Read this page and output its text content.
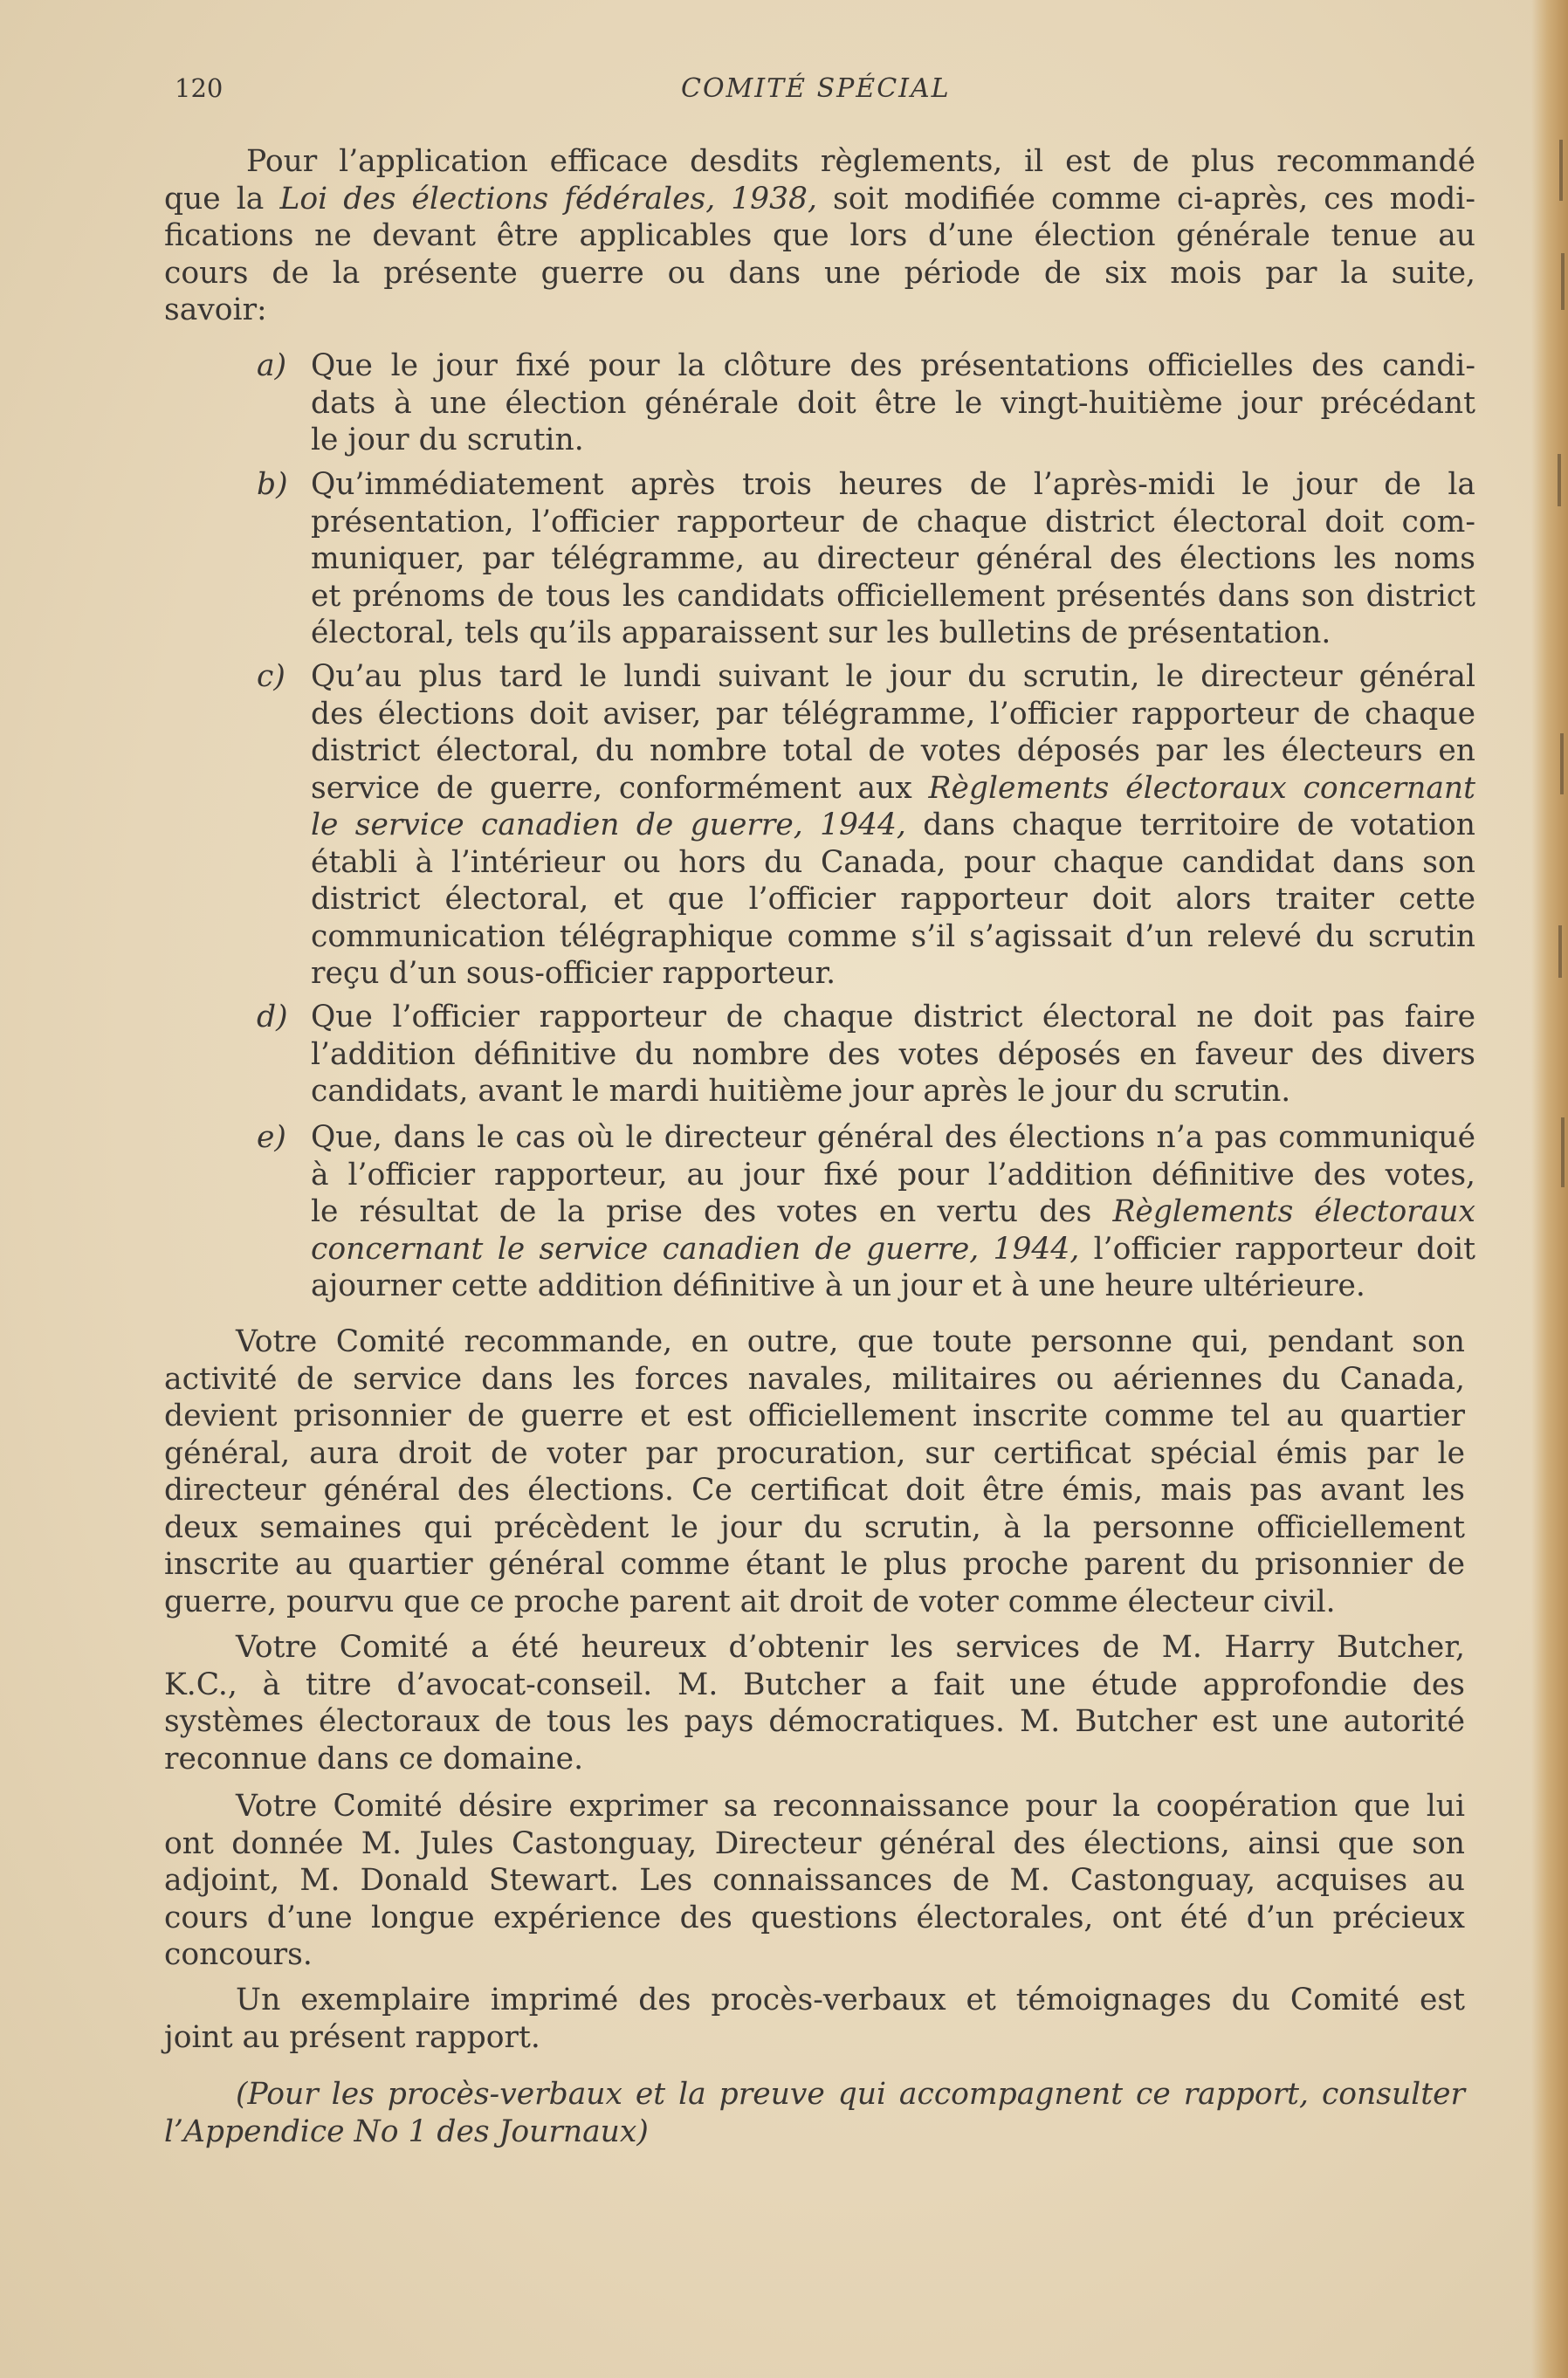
120	COMITÉ SPÉCIAL
Pour l’application efficace desdits règlements, il est de plus recommandé
que la Loi des élections fédérales, 1938, soit modifiée comme ci-après, ces modi-
fications ne devant être applicables que lors d’une élection générale tenue au
cours de la présente guerre ou dans une période de six mois par la suite,
savoir:
a) Que le jour fixé pour la clôture des présentations officielles des candi-
dats à une élection générale doit être le vingt-huitième jour précédant
le jour du scrutin.
b) Qu’immédiatement après trois heures de l’après-midi le jour de la
présentation, l’officier rapporteur de chaque district électoral doit com-
muniquer, par télégramme, au directeur général des élections les noms
et prénoms de tous les candidats officiellement présentés dans son district
électoral, tels qu’ils apparaissent sur les bulletins de présentation.
c) Qu’au plus tard le lundi suivant le jour du scrutin, le directeur général
des élections doit aviser, par télégramme, l’officier rapporteur de chaque
district électoral, du nombre total de votes déposés par les électeurs en
service de guerre, conformément aux Règlements électoraux concernant
le service canadien de guerre, 1944, dans chaque territoire de votation
établi à l’intérieur ou hors du Canada, pour chaque candidat dans son
district électoral, et que l’officier rapporteur doit alors traiter cette
communication télégraphique comme s’il s’agissait d’un relevé du scrutin
reçu d’un sous-officier rapporteur.
d) Que l’officier rapporteur de chaque district électoral ne doit pas faire
l’addition définitive du nombre des votes déposés en faveur des divers
candidats, avant le mardi huitième jour après le jour du scrutin.
e) Que, dans le cas où le directeur général des élections n’a pas communiqué
à l’officier rapporteur, au jour fixé pour l’addition définitive des votes,
le résultat de la prise des votes en vertu des Règlements électoraux
concernant le service canadien de guerre, 1944, l’officier rapporteur doit
ajourner cette addition définitive à un jour et à une heure ultérieure.
Votre Comité recommande, en outre, que toute personne qui, pendant son
activité de service dans les forces navales, militaires ou aériennes du Canada,
devient prisonnier de guerre et est officiellement inscrite comme tel au quartier
général, aura droit de voter par procuration, sur certificat spécial émis par le
directeur général des élections. Ce certificat doit être émis, mais pas avant les
deux semaines qui précèdent le jour du scrutin, à la personne officiellement
inscrite au quartier général comme étant le plus proche parent du prisonnier de
guerre, pourvu que ce proche parent ait droit de voter comme électeur civil.
Votre Comité a été heureux d’obtenir les services de M. Harry Butcher,
K.C., à titre d’avocat-conseil. M. Butcher a fait une étude approfondie des
systèmes électoraux de tous les pays démocratiques. M. Butcher est une autorité
reconnue dans ce domaine.
Votre Comité désire exprimer sa reconnaissance pour la coopération que lui
ont donnée M. Jules Castonguay, Directeur général des élections, ainsi que son
adjoint, M. Donald Stewart. Les connaissances de M. Castonguay, acquises au
cours d’une longue expérience des questions électorales, ont été d’un précieux
concours.
Un exemplaire imprimé des procès-verbaux et témoignages du Comité est
joint au présent rapport.
(Pour les procès-verbaux et la preuve qui accompagnent ce rapport, consulter
l’Appendice No 1 des Journaux)
